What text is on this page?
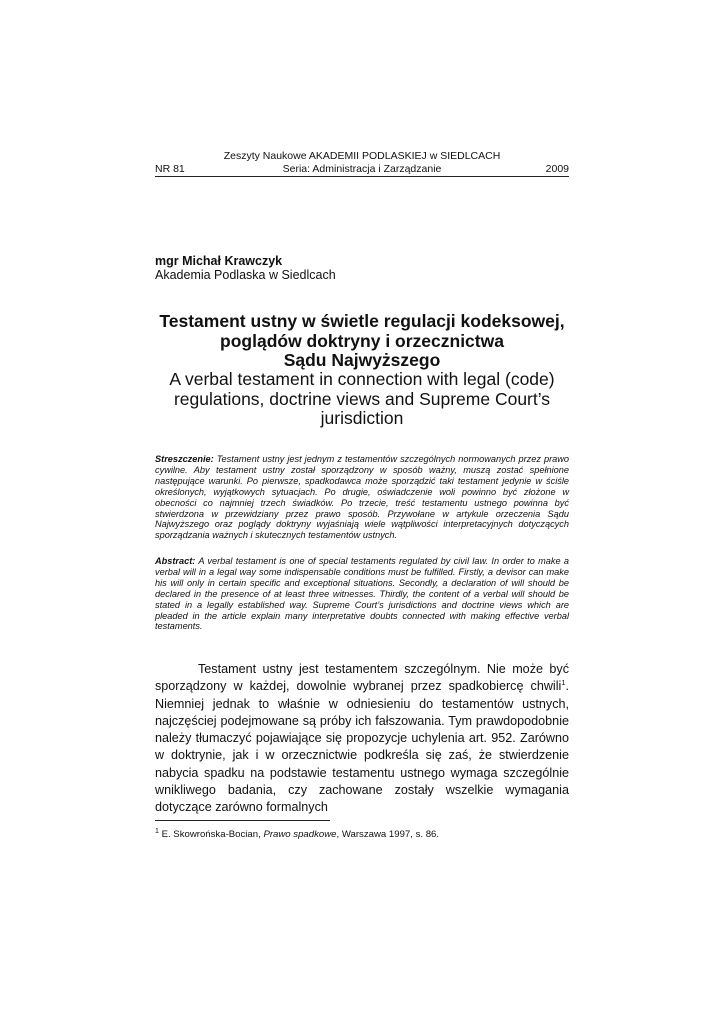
Zeszyty Naukowe AKADEMII PODLASKIEJ w SIEDLCACH
NR 81	Seria: Administracja i Zarządzanie	2009
mgr Michał Krawczyk
Akademia Podlaska w Siedlcach
Testament ustny w świetle regulacji kodeksowej,
poglądów doktryny i orzecznictwa
Sądu Najwyższego
A verbal testament in connection with legal (code)
regulations, doctrine views and Supreme Court’s
jurisdiction
Streszczenie: Testament ustny jest jednym z testamentów szczególnych normowanych przez prawo cywilne. Aby testament ustny został sporządzony w sposób ważny, muszą zostać spełnione następujące warunki. Po pierwsze, spadkodawca może sporządzić taki testament jedynie w ściśle określonych, wyjątkowych sytuacjach. Po drugie, oświadczenie woli powinno być złożone w obecności co najmniej trzech świadków. Po trzecie, treść testamentu ustnego powinna być stwierdzona w przewidziany przez prawo sposób. Przywołane w artykule orzeczenia Sądu Najwyższego oraz poglądy doktryny wyjaśniają wiele wątpliwości interpretacyjnych dotyczących sporządzania ważnych i skutecznych testamentów ustnych.
Abstract: A verbal testament is one of special testaments regulated by civil law. In order to make a verbal will in a legal way some indispensable conditions must be fulfilled. Firstly, a devisor can make his will only in certain specific and exceptional situations. Secondly, a declaration of will should be declared in the presence of at least three witnesses. Thirdly, the content of a verbal will should be stated in a legally established way. Supreme Court’s jurisdictions and doctrine views which are pleaded in the article explain many interpretative doubts connected with making effective verbal testaments.
Testament ustny jest testamentem szczególnym. Nie może być sporządzony w każdej, dowolnie wybranej przez spadkobiercę chwili$^1$. Niemniej jednak to właśnie w odniesieniu do testamentów ustnych, najczęściej podejmowane są próby ich fałszowania. Tym prawdopodobnie należy tłumaczyć pojawiające się propozycje uchylenia art. 952. Zarówno w doktrynie, jak i w orzecznictwie podkreśla się zaś, że stwierdzenie nabycia spadku na podstawie testamentu ustnego wymaga szczególnie wnikliwego badania, czy zachowane zostały wszelkie wymagania dotyczące zarówno formalnych
$^1$ E. Skowrońska-Bocian, Prawo spadkowe, Warszawa 1997, s. 86.
